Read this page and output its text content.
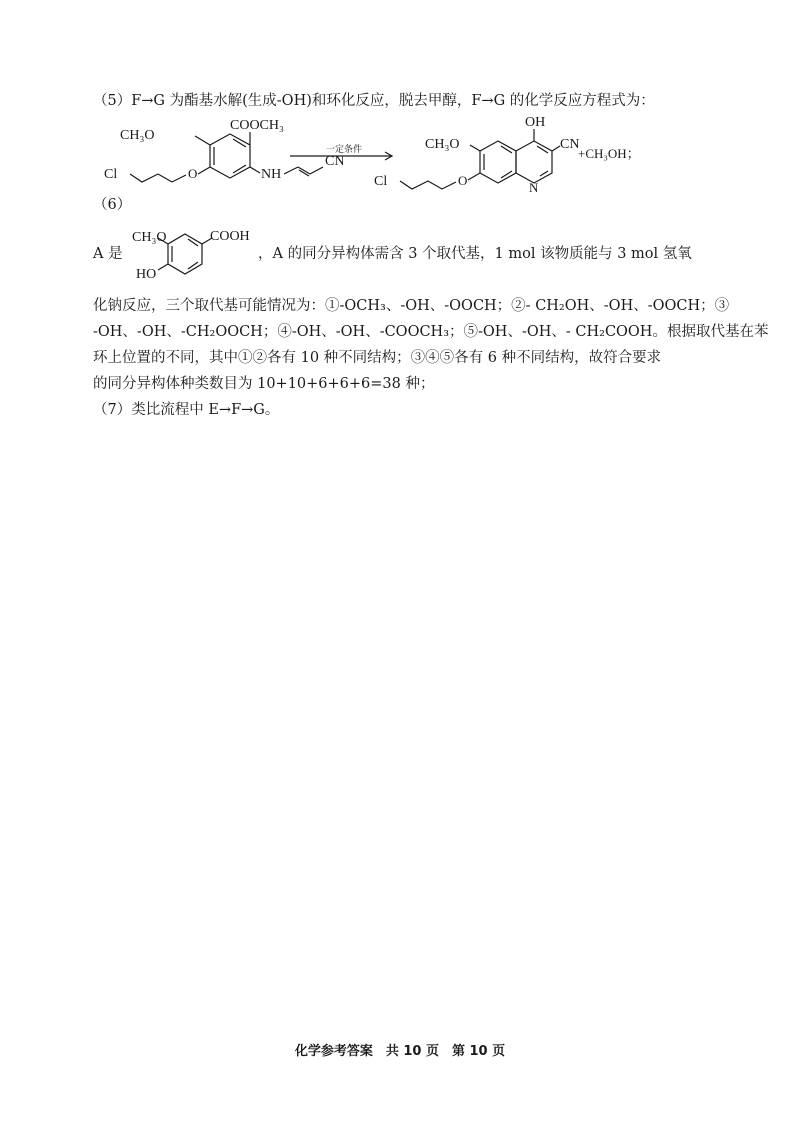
（5）F→G 为酯基水解(生成-OH)和环化反应，脱去甲醇，F→G 的化学反应方程式为：
CH₃O
COOCH₃
O
Cl	NH
CN
一定条件
OH
CH₃O	CN
N
O
Cl
+CH₃OH；
（6）
A 是
CH₃O	COOH
HO
，A 的同分异构体需含 3 个取代基，1 mol 该物质能与 3 mol 氢氧
化钠反应，三个取代基可能情况为：①-OCH₃、-OH、-OOCH；②- CH₂OH、-OH、-OOCH；③
-OH、-OH、-CH₂OOCH；④-OH、-OH、-COOCH₃；⑤-OH、-OH、- CH₂COOH。根据取代基在苯
环上位置的不同，其中①②各有 10 种不同结构；③④⑤各有 6 种不同结构，故符合要求
的同分异构体种类数目为 10+10+6+6+6=38 种；
（7）类比流程中 E→F→G。
化学参考答案　共 10 页　第 10 页
